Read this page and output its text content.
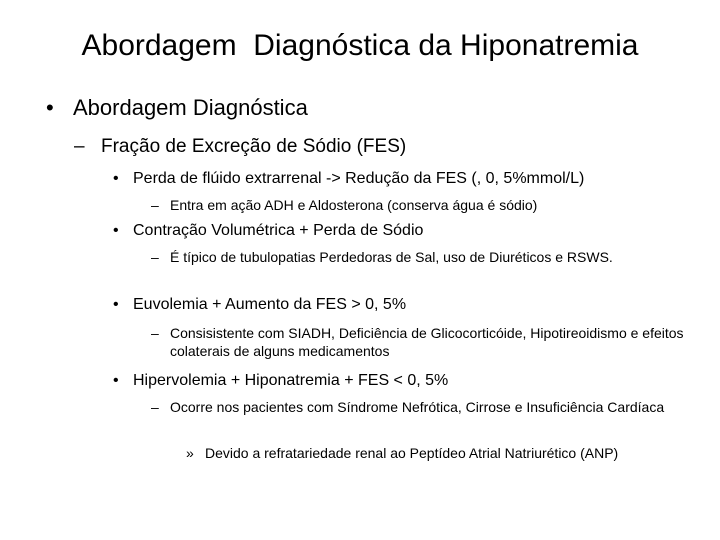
Abordagem  Diagnóstica da Hiponatremia
• Abordagem Diagnóstica
– Fração de Excreção de Sódio (FES)
• Perda de flúido extrarrenal -> Redução da FES (, 0, 5%mmol/L)
– Entra em ação ADH e Aldosterona (conserva água é sódio)
• Contração Volumétrica + Perda de Sódio
– É típico de tubulopatias Perdedoras de Sal, uso de Diuréticos e RSWS.
• Euvolemia + Aumento da FES > 0, 5%
– Consisistente com SIADH, Deficiência de Glicocorticóide, Hipotireoidismo e efeitos colaterais de alguns medicamentos
• Hipervolemia + Hiponatremia + FES < 0, 5%
– Ocorre nos pacientes com Síndrome Nefrótica, Cirrose e Insuficiência Cardíaca
» Devido a refratariedade renal ao Peptídeo Atrial Natriurético (ANP)
